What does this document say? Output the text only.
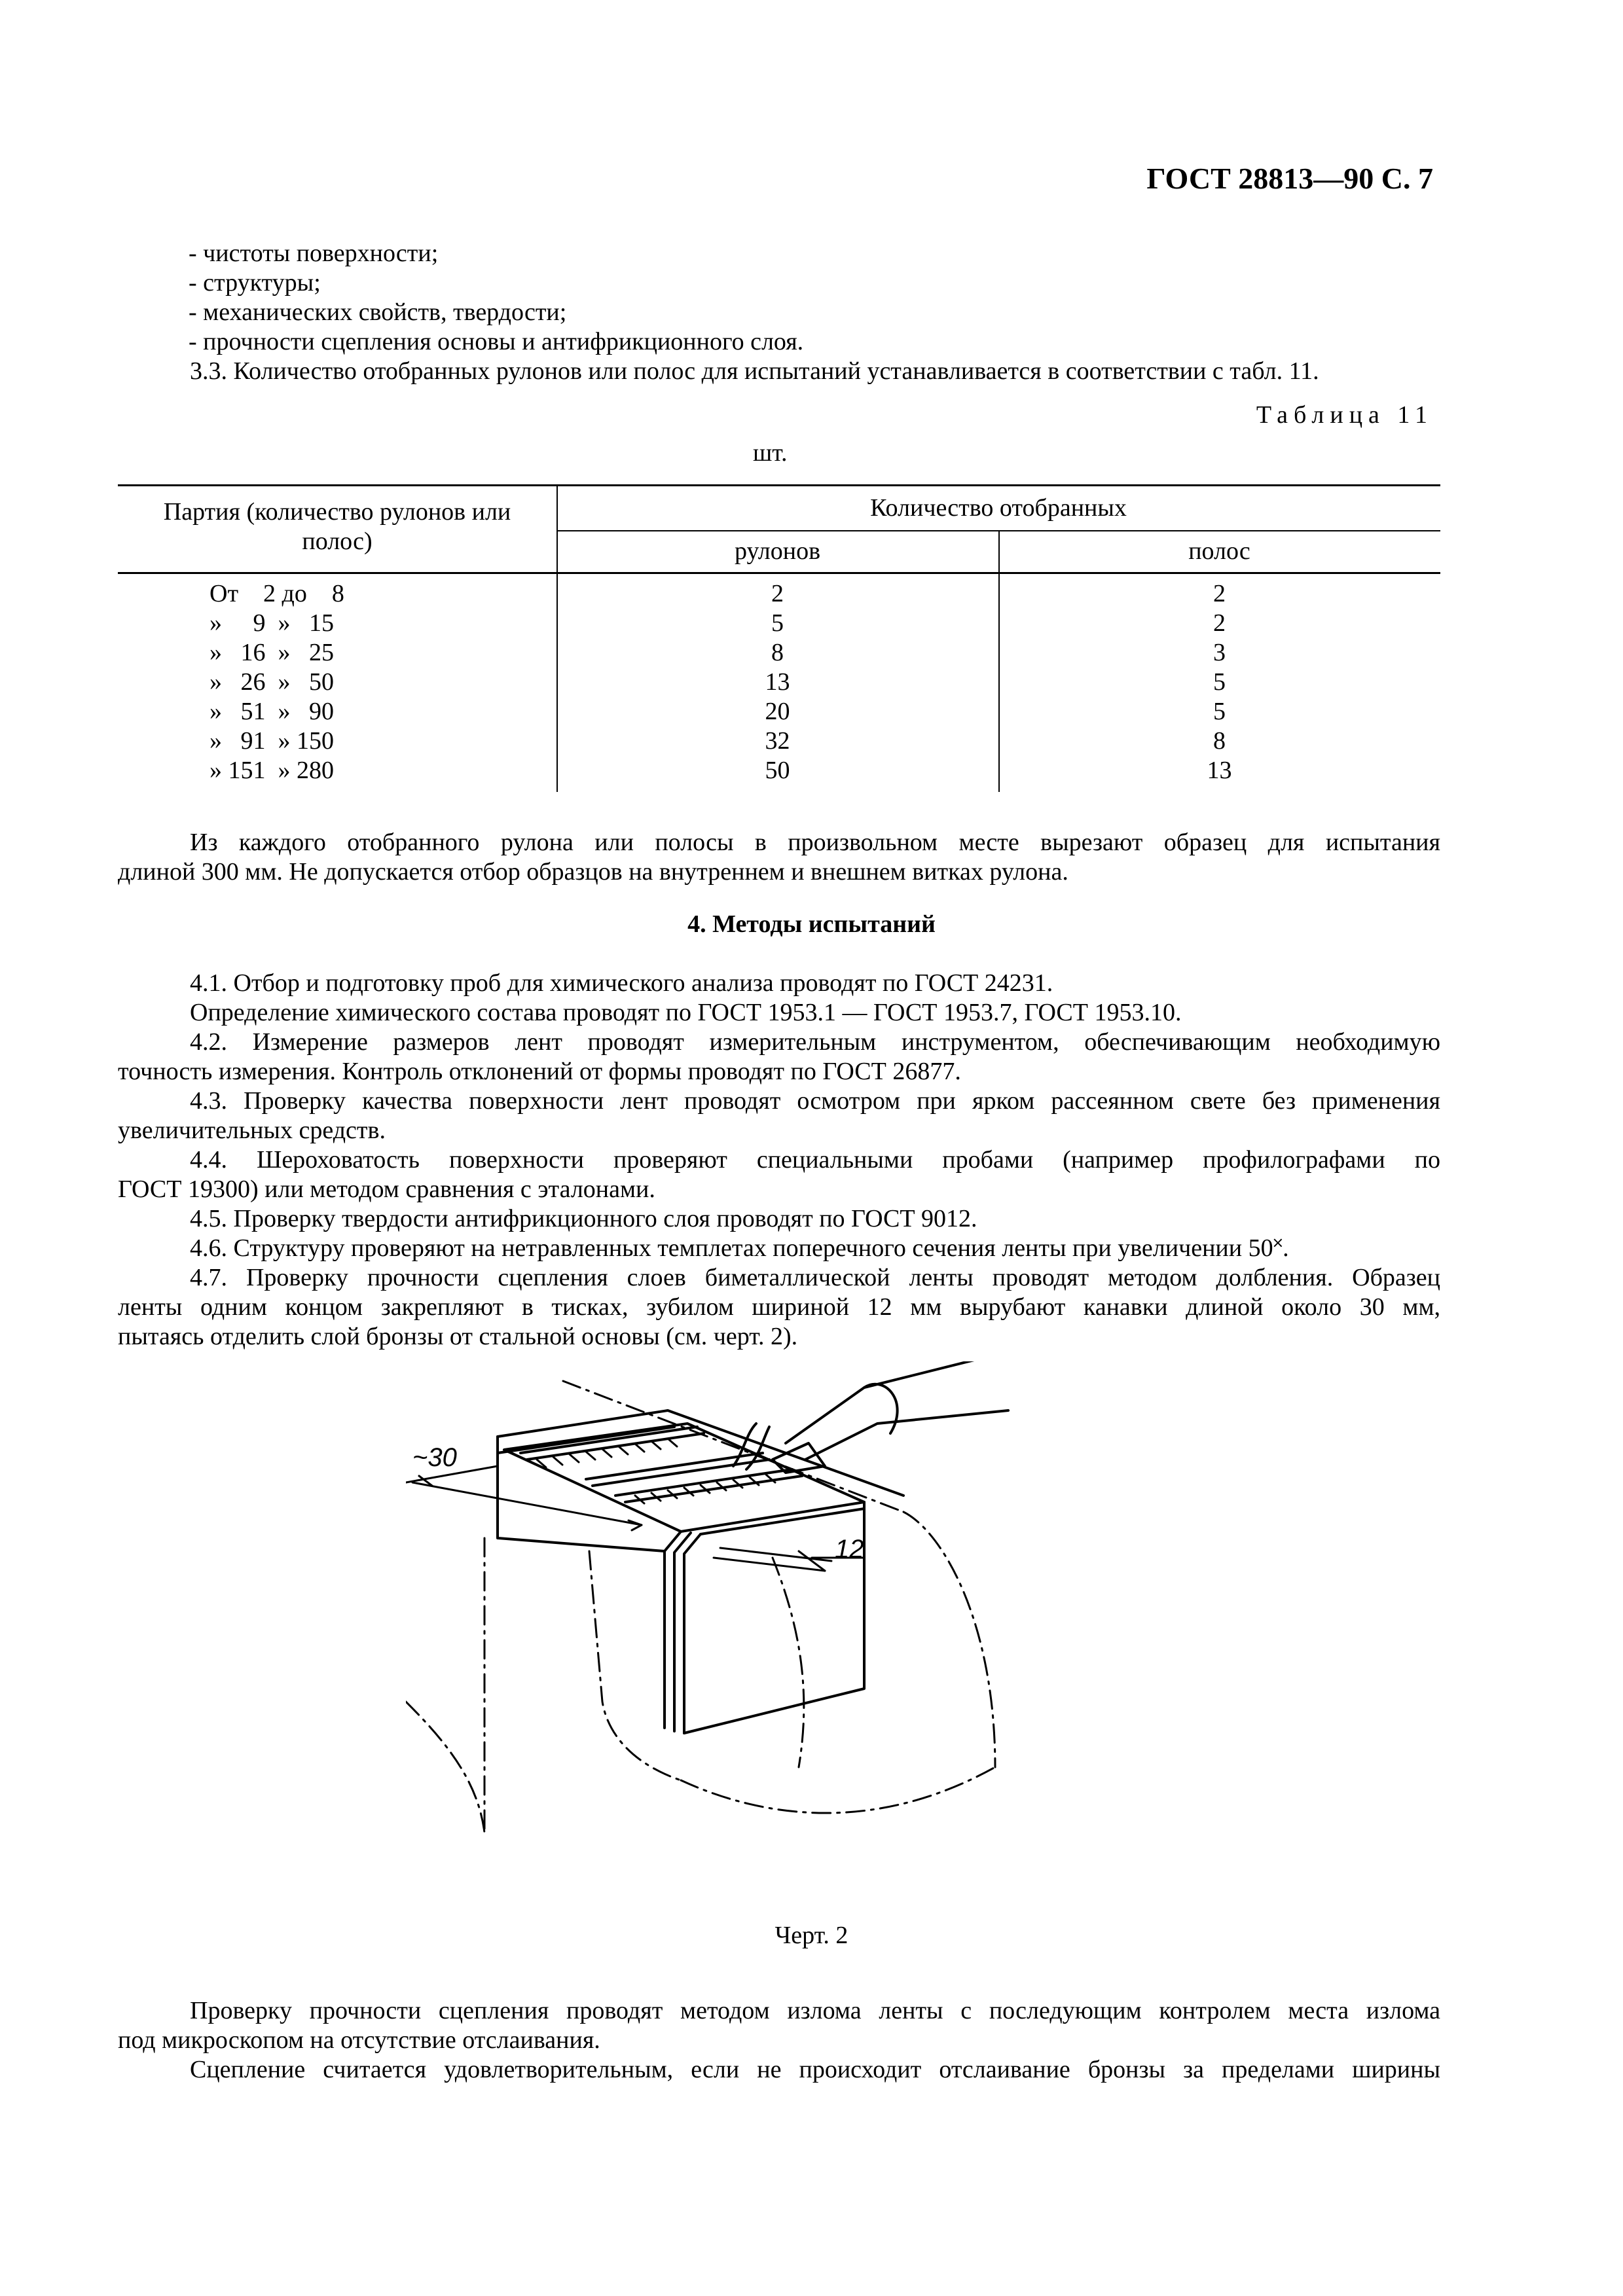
ГОСТ 28813—90 С. 7
- чистоты поверхности;
- структуры;
- механических свойств, твердости;
- прочности сцепления основы и антифрикционного слоя.
3.3. Количество отобранных рулонов или полос для испытаний устанавливается в соответствии с табл. 11.
Таблица 11
шт.
Партия (количество рулонов или
полос)
Количество отобранных
рулонов	полос
От    2 до    8	2	2
»     9  »   15	5	2
»   16  »   25	8	3
»   26  »   50	13	5
»   51  »   90	20	5
»   91  » 150	32	8
» 151  » 280	50	13
Из каждого отобранного рулона или полосы в произвольном месте вырезают образец для испытания
длиной 300 мм. Не допускается отбор образцов на внутреннем и внешнем витках рулона.
4. Методы испытаний
4.1. Отбор и подготовку проб для химического анализа проводят по ГОСТ 24231.
Определение химического состава проводят по ГОСТ 1953.1 — ГОСТ 1953.7, ГОСТ 1953.10.
4.2. Измерение размеров лент проводят измерительным инструментом, обеспечивающим необходимую
точность измерения. Контроль отклонений от формы проводят по ГОСТ 26877.
4.3. Проверку качества поверхности лент проводят осмотром при ярком рассеянном свете без применения
увеличительных средств.
4.4. Шероховатость поверхности проверяют специальными пробами (например профилографами по
ГОСТ 19300) или методом сравнения с эталонами.
4.5. Проверку твердости антифрикционного слоя проводят по ГОСТ 9012.
4.6. Структуру проверяют на нетравленных темплетах поперечного сечения ленты при увеличении 50˟.
4.7. Проверку прочности сцепления слоев биметаллической ленты проводят методом долбления. Образец
ленты одним концом закрепляют в тисках, зубилом шириной 12 мм вырубают канавки длиной около 30 мм,
пытаясь отделить слой бронзы от стальной основы (см. черт. 2).
~30
12
Черт. 2
Проверку прочности сцепления проводят методом излома ленты с последующим контролем места излома
под микроскопом на отсутствие отслаивания.
Сцепление считается удовлетворительным, если не происходит отслаивание бронзы за пределами ширины
